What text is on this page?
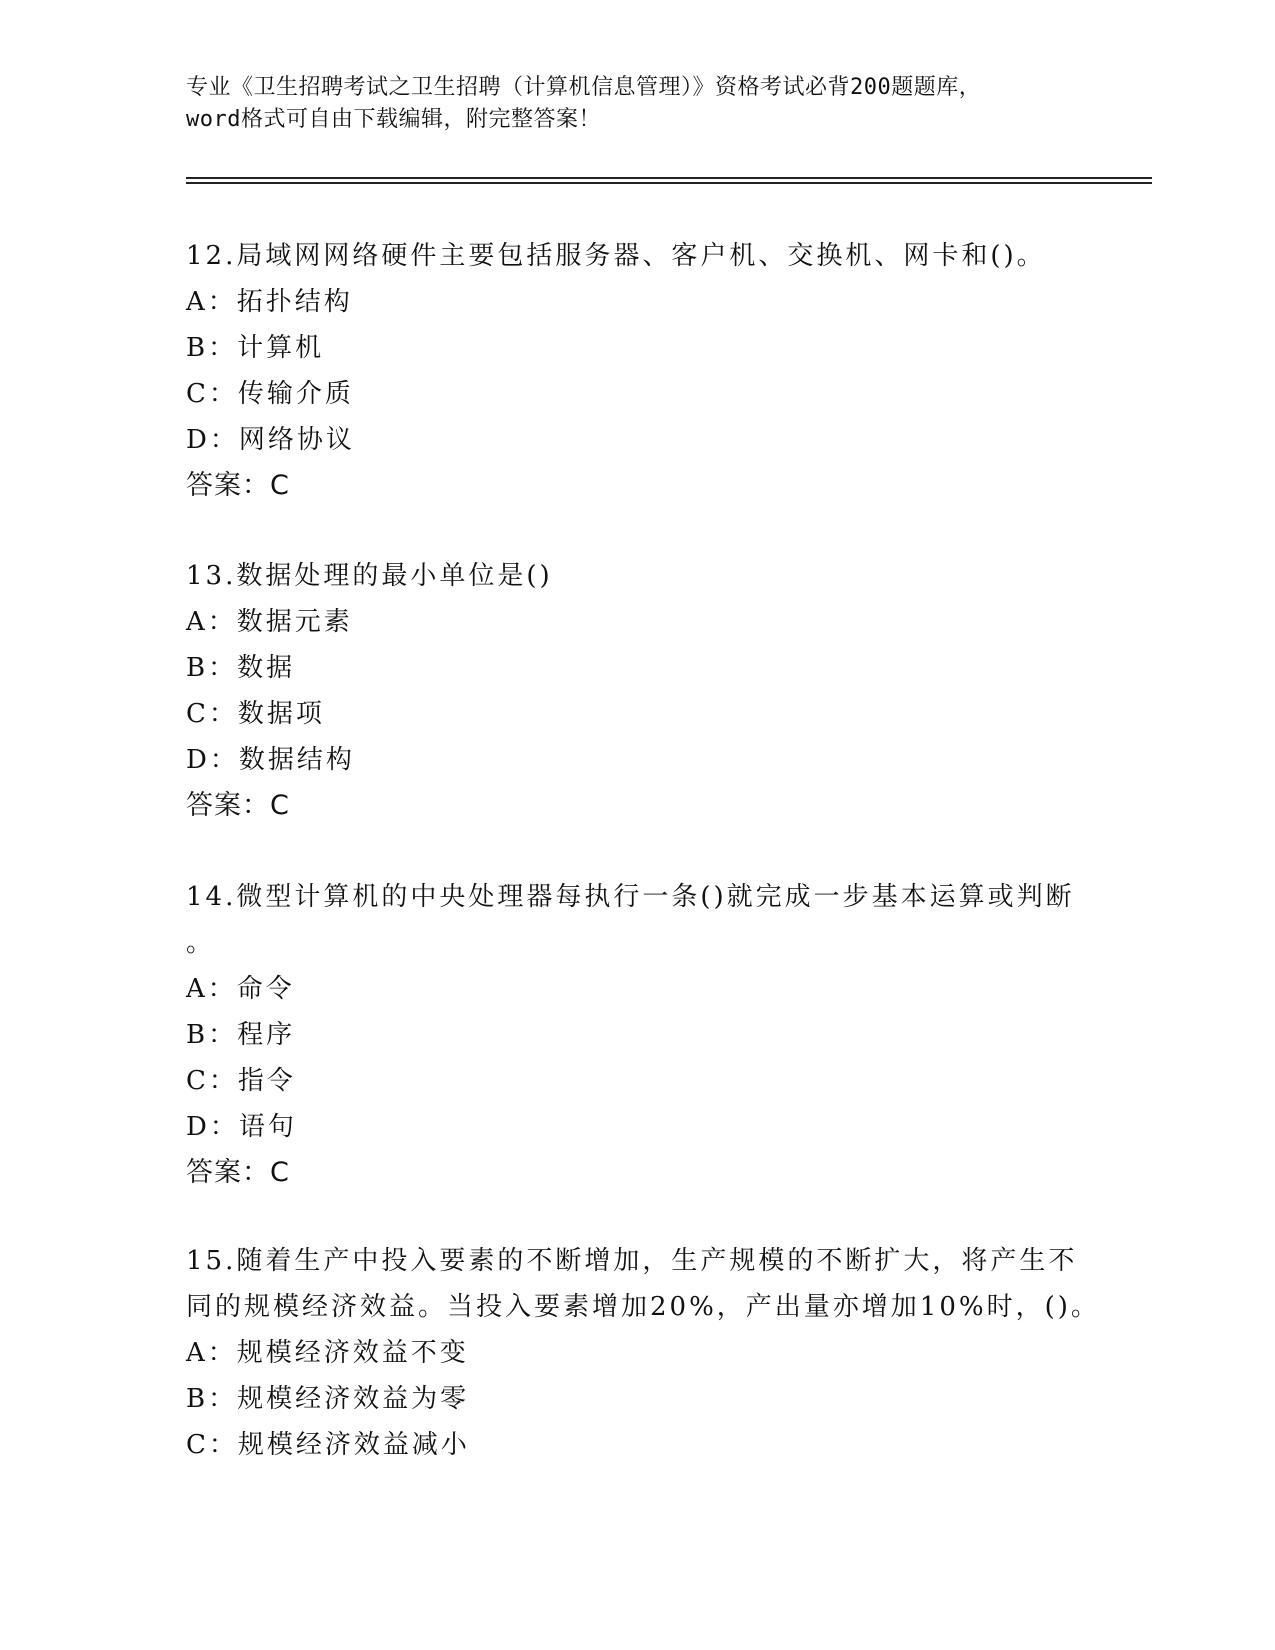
专业《卫生招聘考试之卫生招聘（计算机信息管理）》资格考试必背200题题库，
word格式可自由下载编辑，附完整答案！
12.局域网网络硬件主要包括服务器、客户机、交换机、网卡和()。
A：拓扑结构
B：计算机
C：传输介质
D：网络协议
答案：C
13.数据处理的最小单位是()
A：数据元素
B：数据
C：数据项
D：数据结构
答案：C
14.微型计算机的中央处理器每执行一条()就完成一步基本运算或判断
。
A：命令
B：程序
C：指令
D：语句
答案：C
15.随着生产中投入要素的不断增加，生产规模的不断扩大，将产生不
同的规模经济效益。当投入要素增加20%，产出量亦增加10%时，()。
A：规模经济效益不变
B：规模经济效益为零
C：规模经济效益减小
